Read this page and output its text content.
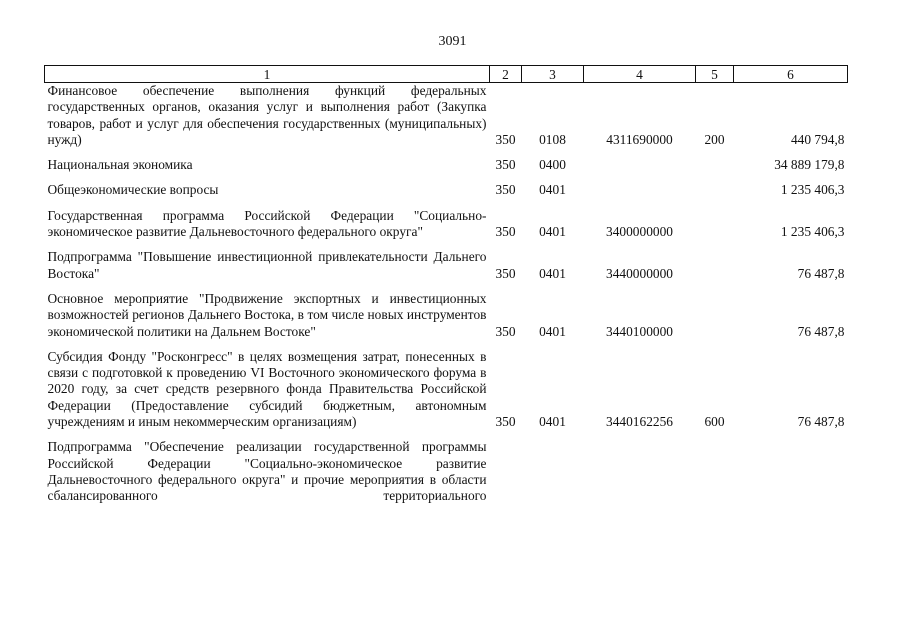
3091
1	2	3	4	5	6
Финансовое обеспечение выполнения функций федеральных государственных органов, оказания услуг и выполнения работ (Закупка товаров, работ и услуг для обеспечения государственных (муниципальных) нужд)	350	0108	4311690000	200	440 794,8
Национальная экономика	350	0400			34 889 179,8
Общеэкономические вопросы	350	0401			1 235 406,3
Государственная программа Российской Федерации "Социально-экономическое развитие Дальневосточного федерального округа"	350	0401	3400000000		1 235 406,3
Подпрограмма "Повышение инвестиционной привлекательности Дальнего Востока"	350	0401	3440000000		76 487,8
Основное мероприятие "Продвижение экспортных и инвестиционных возможностей регионов Дальнего Востока, в том числе новых инструментов экономической политики на Дальнем Востоке"	350	0401	3440100000		76 487,8
Субсидия Фонду "Росконгресс" в целях возмещения затрат, понесенных в связи с подготовкой к проведению VI Восточного экономического форума в 2020 году, за счет средств резервного фонда Правительства Российской Федерации (Предоставление субсидий бюджетным, автономным учреждениям и иным некоммерческим организациям)	350	0401	3440162256	600	76 487,8
Подпрограмма "Обеспечение реализации государственной программы Российской Федерации "Социально-экономическое развитие Дальневосточного федерального округа" и прочие мероприятия в области сбалансированного территориального					
